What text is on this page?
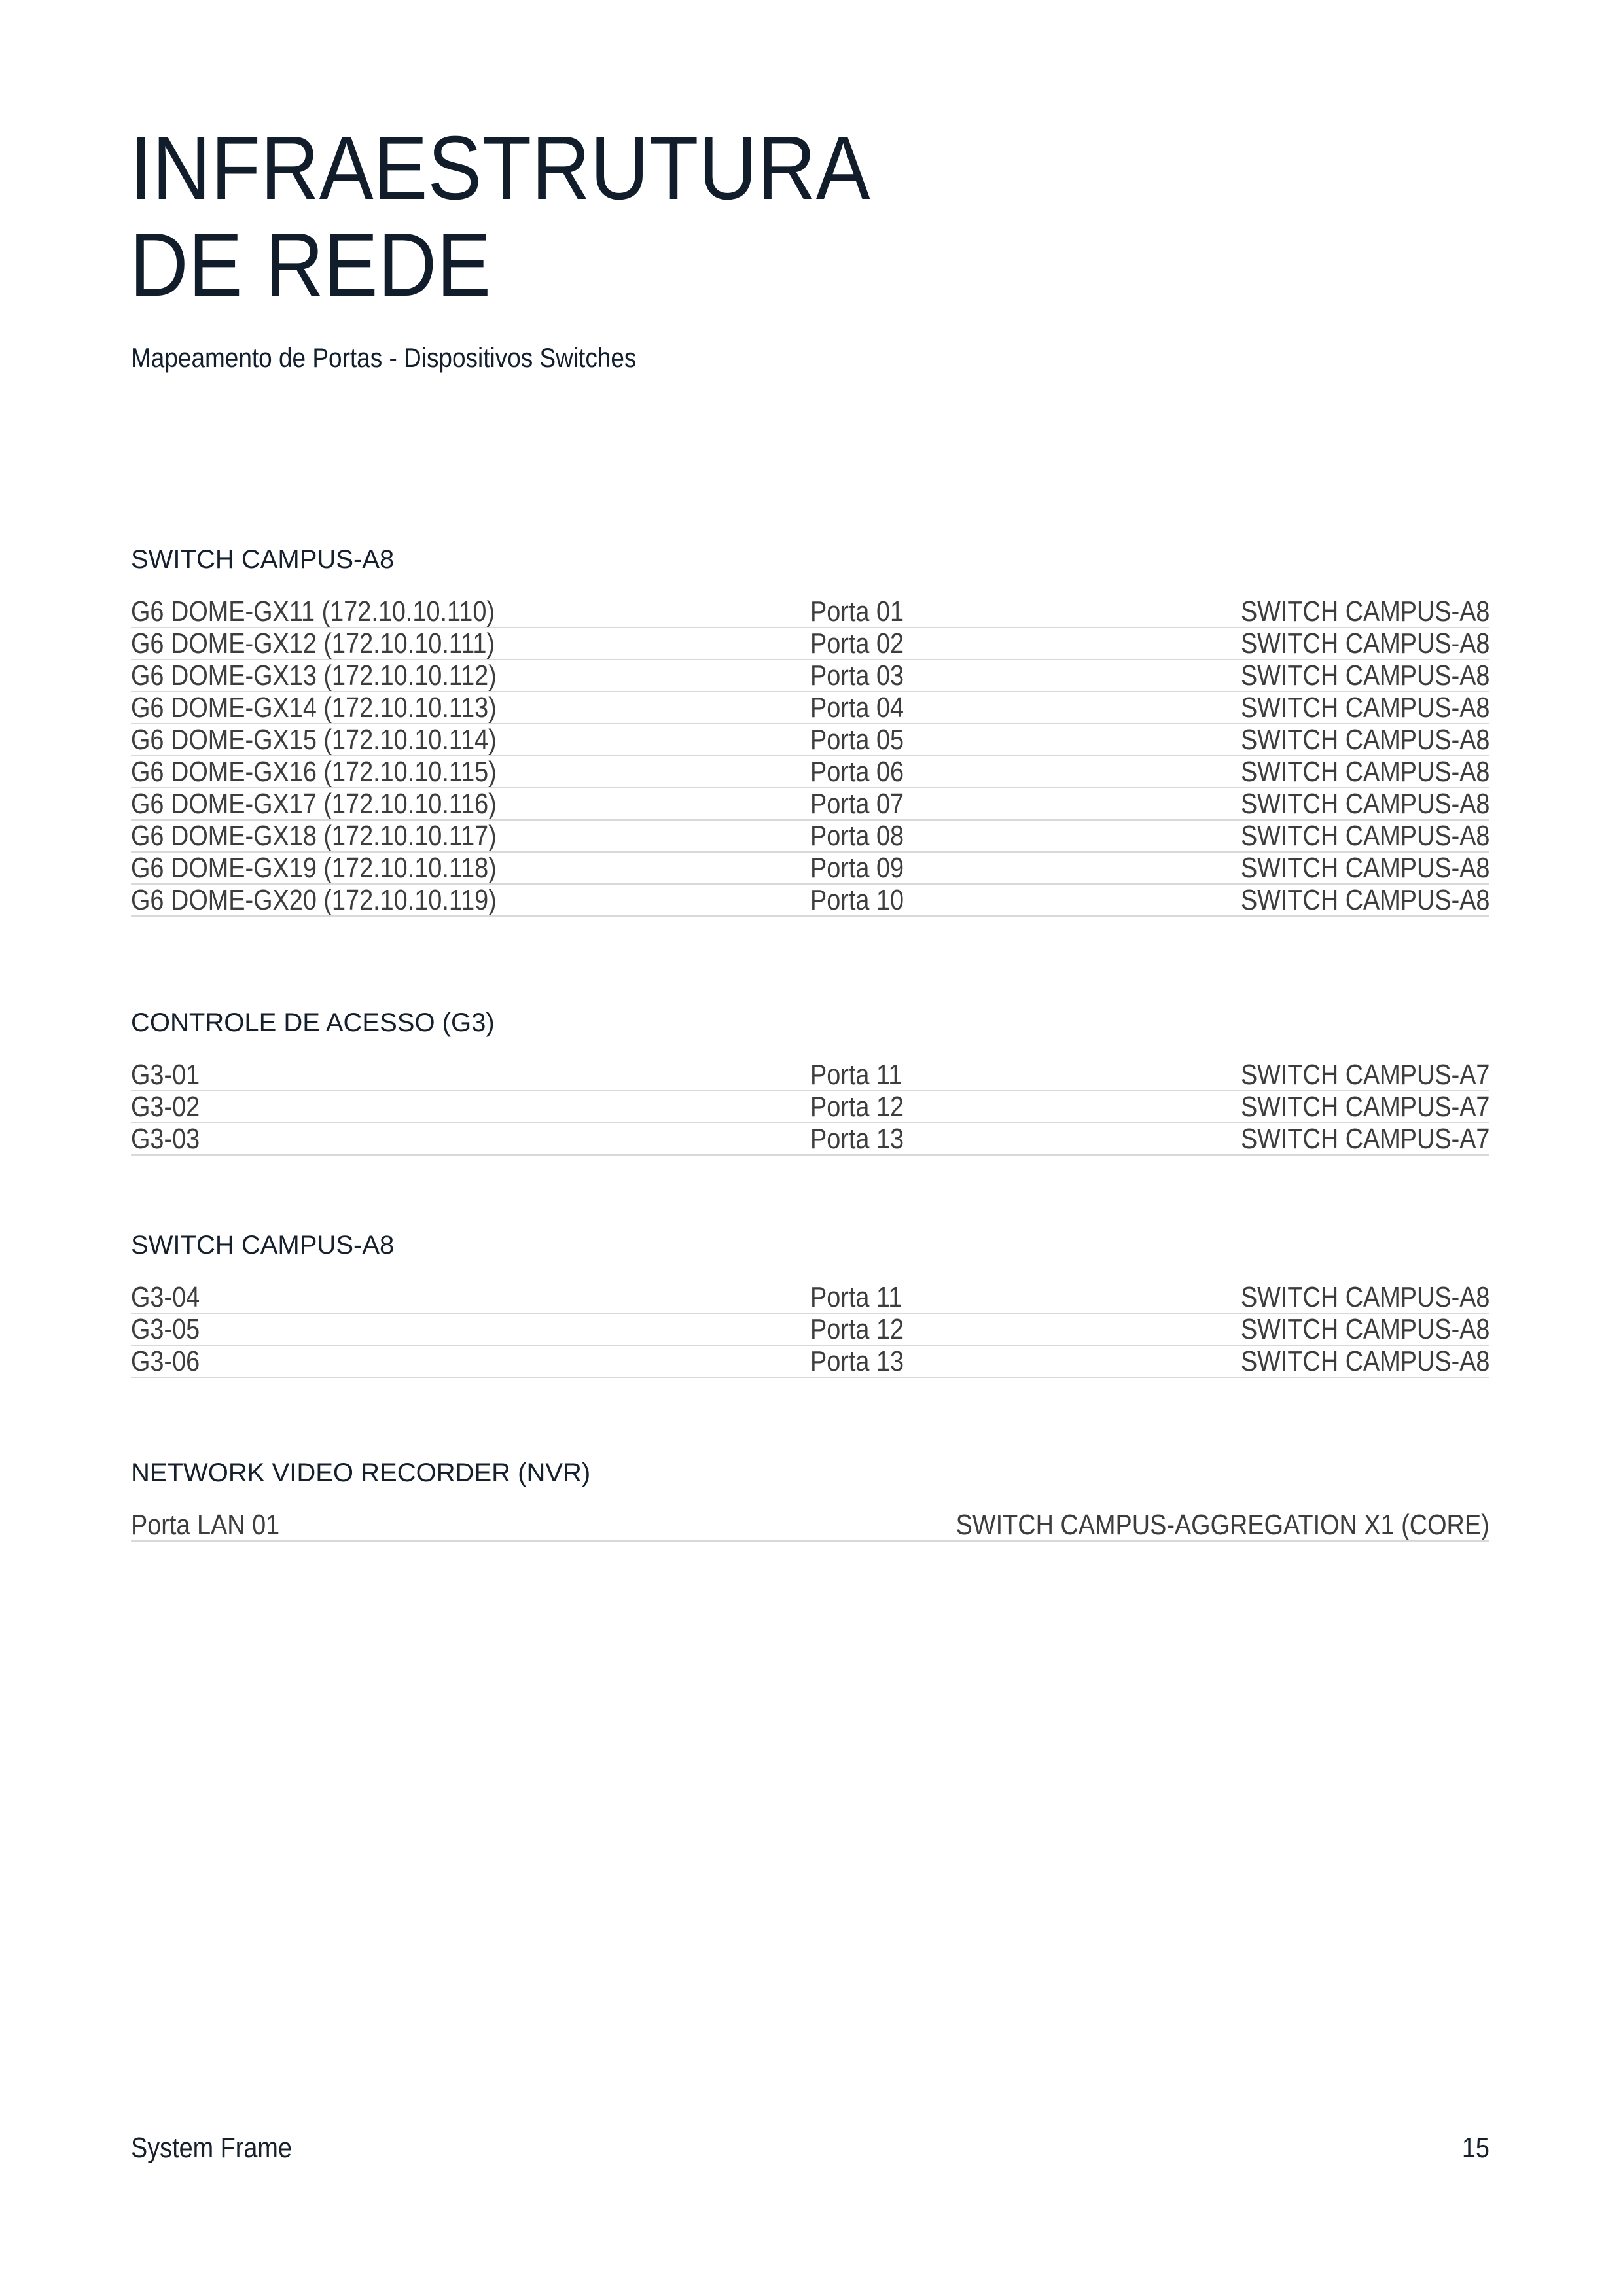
INFRAESTRUTURA
DE REDE
Mapeamento de Portas - Dispositivos Switches
SWITCH CAMPUS-A8
G6 DOME-GX11 (172.10.10.110)	Porta 01	SWITCH CAMPUS-A8
G6 DOME-GX12 (172.10.10.111)	Porta 02	SWITCH CAMPUS-A8
G6 DOME-GX13 (172.10.10.112)	Porta 03	SWITCH CAMPUS-A8
G6 DOME-GX14 (172.10.10.113)	Porta 04	SWITCH CAMPUS-A8
G6 DOME-GX15 (172.10.10.114)	Porta 05	SWITCH CAMPUS-A8
G6 DOME-GX16 (172.10.10.115)	Porta 06	SWITCH CAMPUS-A8
G6 DOME-GX17 (172.10.10.116)	Porta 07	SWITCH CAMPUS-A8
G6 DOME-GX18 (172.10.10.117)	Porta 08	SWITCH CAMPUS-A8
G6 DOME-GX19 (172.10.10.118)	Porta 09	SWITCH CAMPUS-A8
G6 DOME-GX20 (172.10.10.119)	Porta 10	SWITCH CAMPUS-A8
CONTROLE DE ACESSO (G3)
G3-01	Porta 11	SWITCH CAMPUS-A7
G3-02	Porta 12	SWITCH CAMPUS-A7
G3-03	Porta 13	SWITCH CAMPUS-A7
SWITCH CAMPUS-A8
G3-04	Porta 11	SWITCH CAMPUS-A8
G3-05	Porta 12	SWITCH CAMPUS-A8
G3-06	Porta 13	SWITCH CAMPUS-A8
NETWORK VIDEO RECORDER (NVR)
Porta LAN 01	SWITCH CAMPUS-AGGREGATION X1 (CORE)
System Frame	15
